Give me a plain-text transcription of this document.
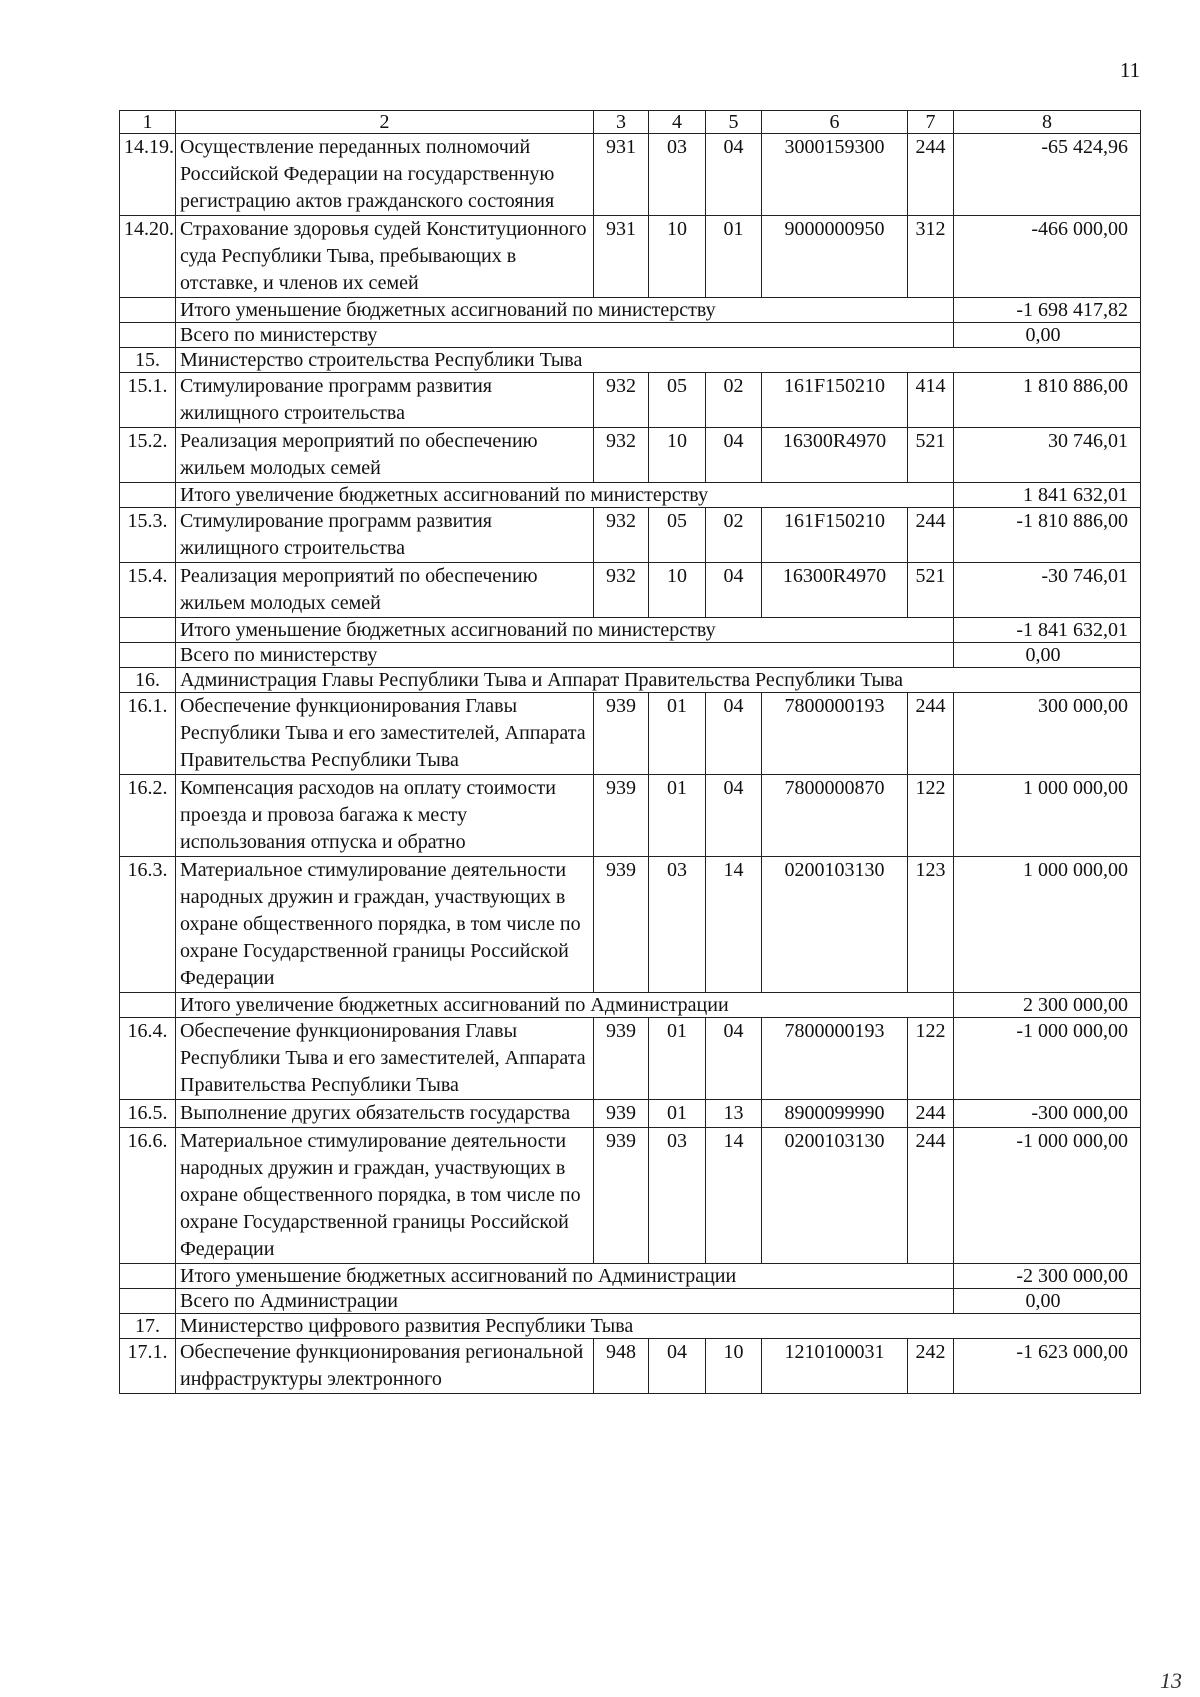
11
1	2	3	4	5	6	7	8
14.19.	Осуществление переданных полномочий Российской Федерации на государственную регистрацию актов гражданского состояния	931	03	04	3000159300	244	-65 424,96
14.20.	Страхование здоровья судей Конституционного суда Республики Тыва, пребывающих в отставке, и членов их семей	931	10	01	9000000950	312	-466 000,00
	Итого уменьшение бюджетных ассигнований по министерству						-1 698 417,82
	Всего по министерству						0,00
15.	Министерство строительства Республики Тыва						
15.1.	Стимулирование программ развития жилищного строительства	932	05	02	161F150210	414	1 810 886,00
15.2.	Реализация мероприятий по обеспечению жильем молодых семей	932	10	04	16300R4970	521	30 746,01
	Итого увеличение бюджетных ассигнований по министерству						1 841 632,01
15.3.	Стимулирование программ развития жилищного строительства	932	05	02	161F150210	244	-1 810 886,00
15.4.	Реализация мероприятий по обеспечению жильем молодых семей	932	10	04	16300R4970	521	-30 746,01
	Итого уменьшение бюджетных ассигнований по министерству						-1 841 632,01
	Всего по министерству						0,00
16.	Администрация Главы Республики Тыва и Аппарат Правительства Республики Тыва						
16.1.	Обеспечение функционирования Главы Республики Тыва и его заместителей, Аппарата Правительства Республики Тыва	939	01	04	7800000193	244	300 000,00
16.2.	Компенсация расходов на оплату стоимости проезда и провоза багажа к месту использования отпуска и обратно	939	01	04	7800000870	122	1 000 000,00
16.3.	Материальное стимулирование деятельности народных дружин и граждан, участвующих в охране общественного порядка, в том числе по охране Государственной границы Российской Федерации	939	03	14	0200103130	123	1 000 000,00
	Итого увеличение бюджетных ассигнований по Администрации						2 300 000,00
16.4.	Обеспечение функционирования Главы Республики Тыва и его заместителей, Аппарата Правительства Республики Тыва	939	01	04	7800000193	122	-1 000 000,00
16.5.	Выполнение других обязательств государства	939	01	13	8900099990	244	-300 000,00
16.6.	Материальное стимулирование деятельности народных дружин и граждан, участвующих в охране общественного порядка, в том числе по охране Государственной границы Российской Федерации	939	03	14	0200103130	244	-1 000 000,00
	Итого уменьшение бюджетных ассигнований по Администрации						-2 300 000,00
	Всего по Администрации						0,00
17.	Министерство цифрового развития Республики Тыва						
17.1.	Обеспечение функционирования региональной инфраструктуры электронного	948	04	10	1210100031	242	-1 623 000,00
13
